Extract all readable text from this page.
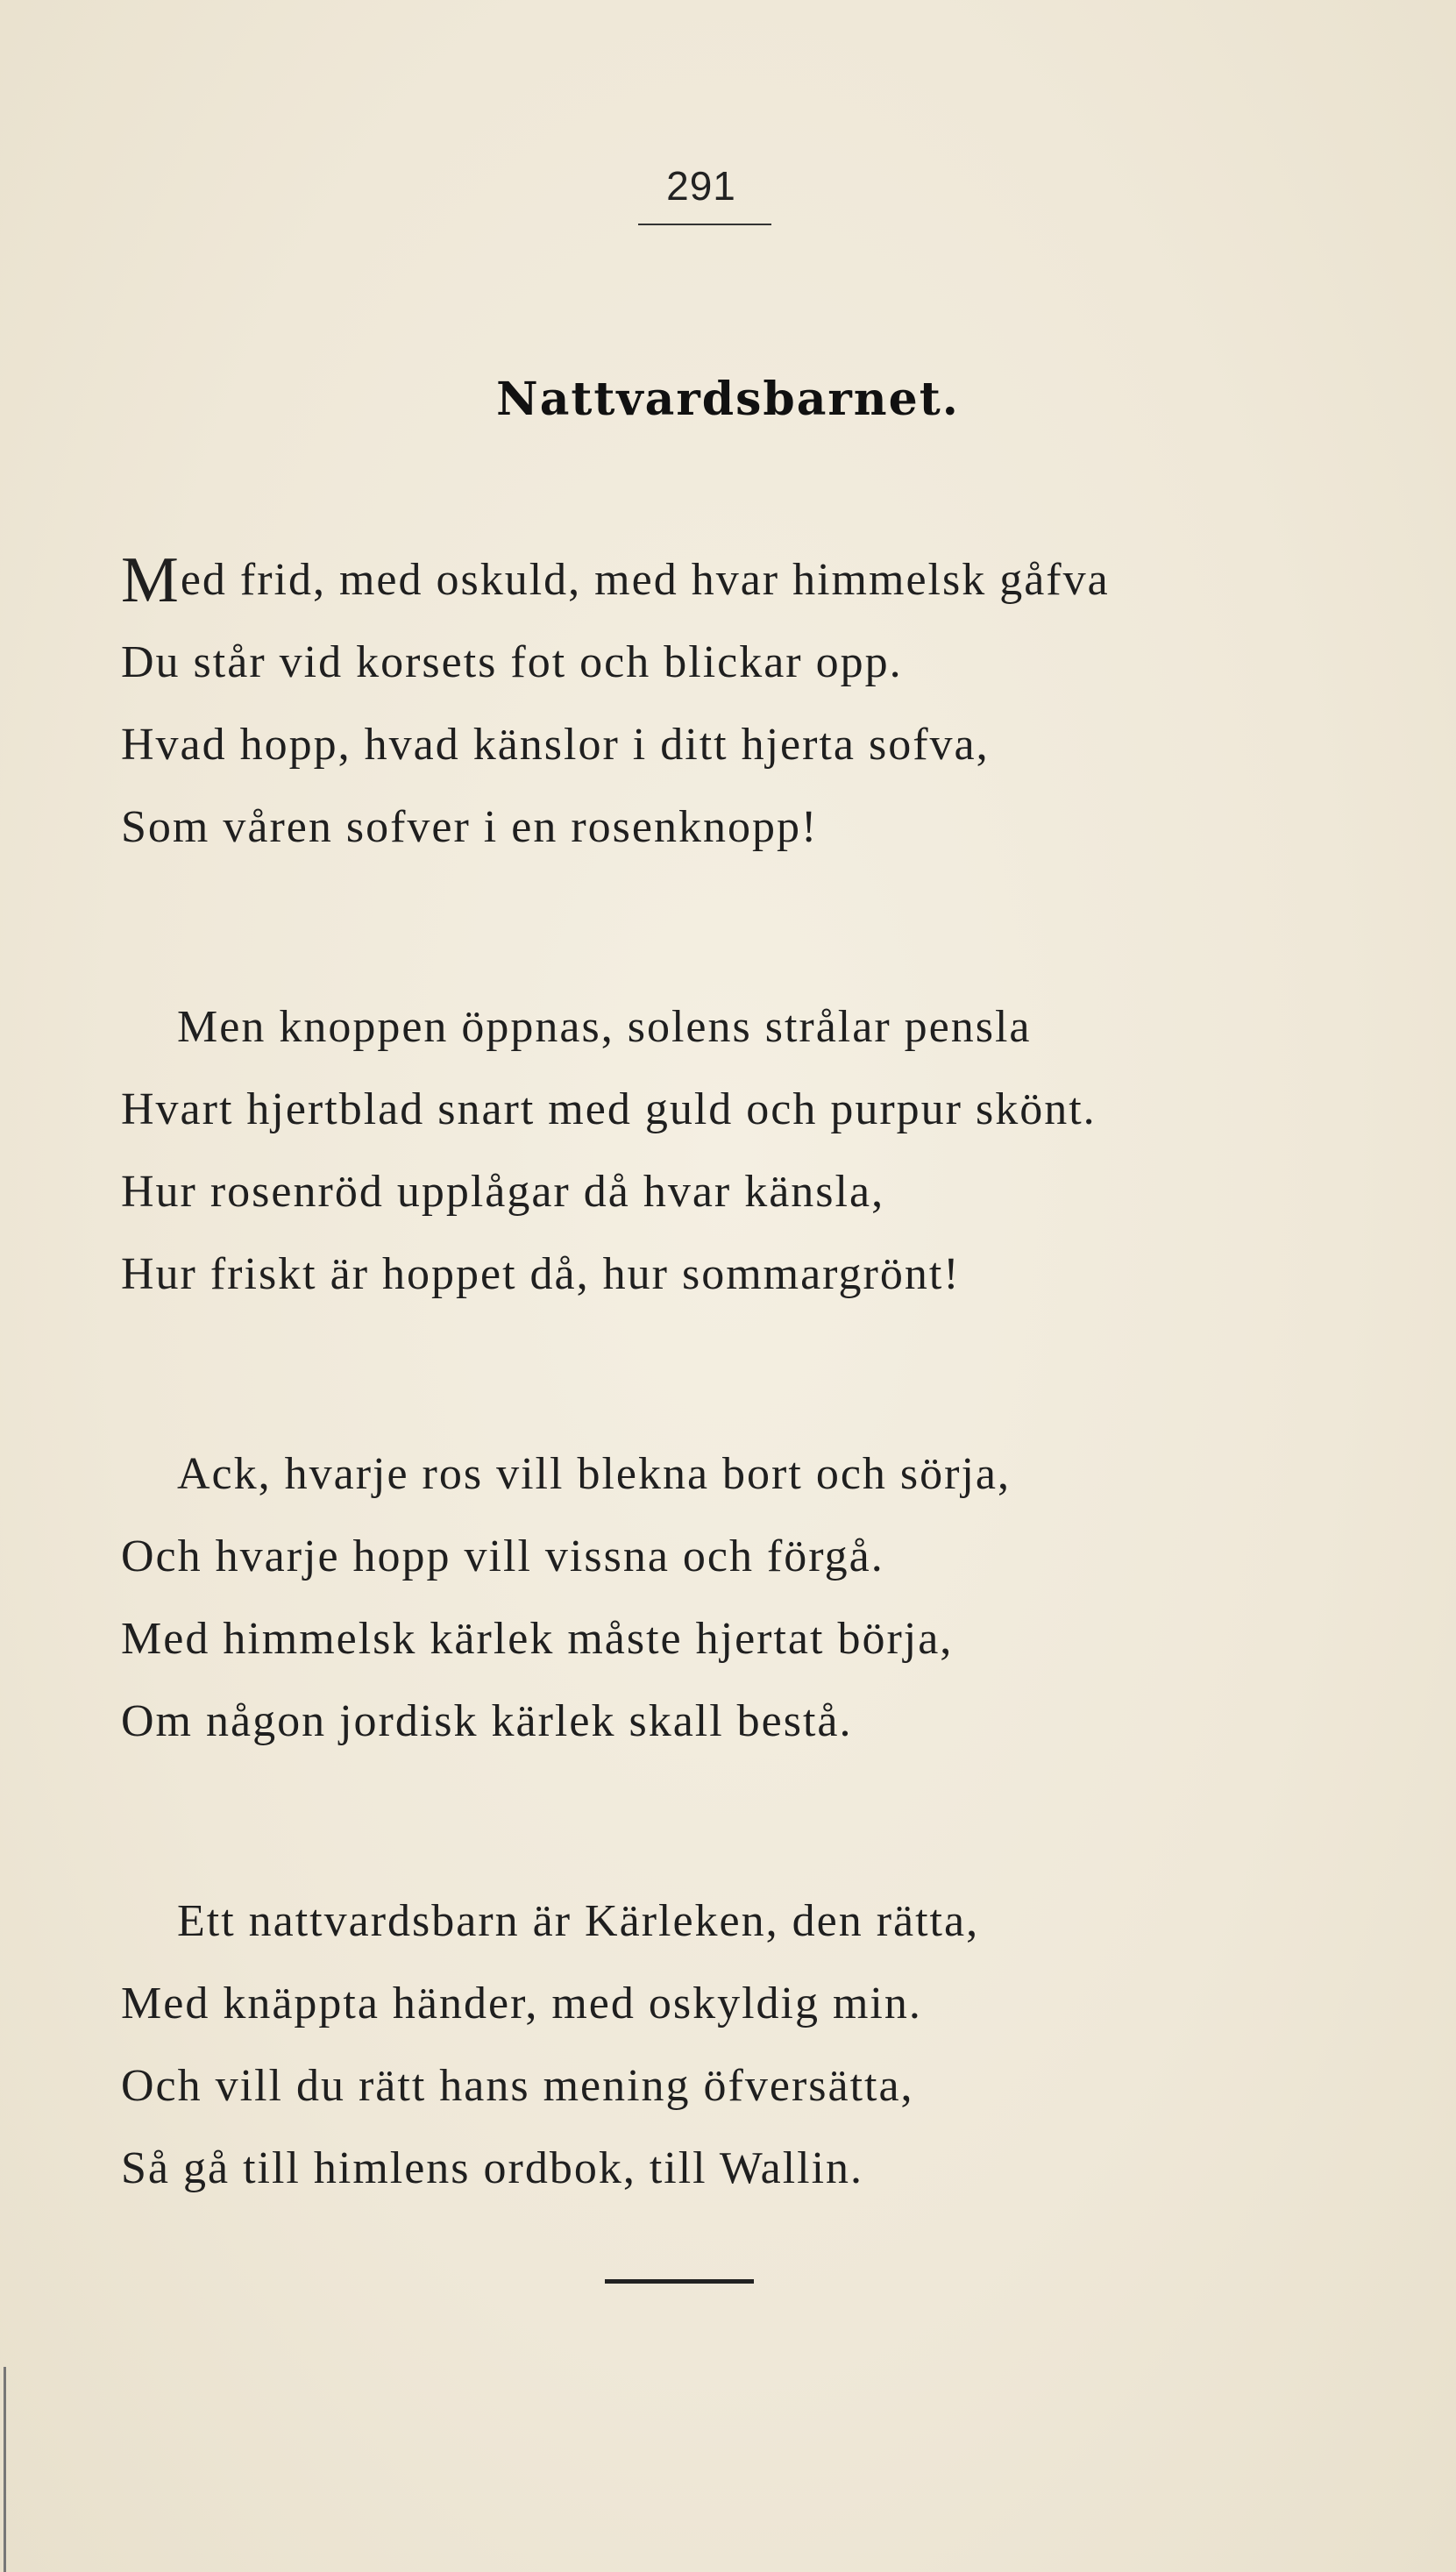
291
Nattvardsbarnet.
Med frid, med oskuld, med hvar himmelsk gåfva
Du står vid korsets fot och blickar opp.
Hvad hopp, hvad känslor i ditt hjerta sofva,
Som våren sofver i en rosenknopp!
Men knoppen öppnas, solens strålar pensla
Hvart hjertblad snart med guld och purpur skönt.
Hur rosenröd upplågar då hvar känsla,
Hur friskt är hoppet då, hur sommargrönt!
Ack, hvarje ros vill blekna bort och sörja,
Och hvarje hopp vill vissna och förgå.
Med himmelsk kärlek måste hjertat börja,
Om någon jordisk kärlek skall bestå.
Ett nattvardsbarn är Kärleken, den rätta,
Med knäppta händer, med oskyldig min.
Och vill du rätt hans mening öfversätta,
Så gå till himlens ordbok, till Wallin.
